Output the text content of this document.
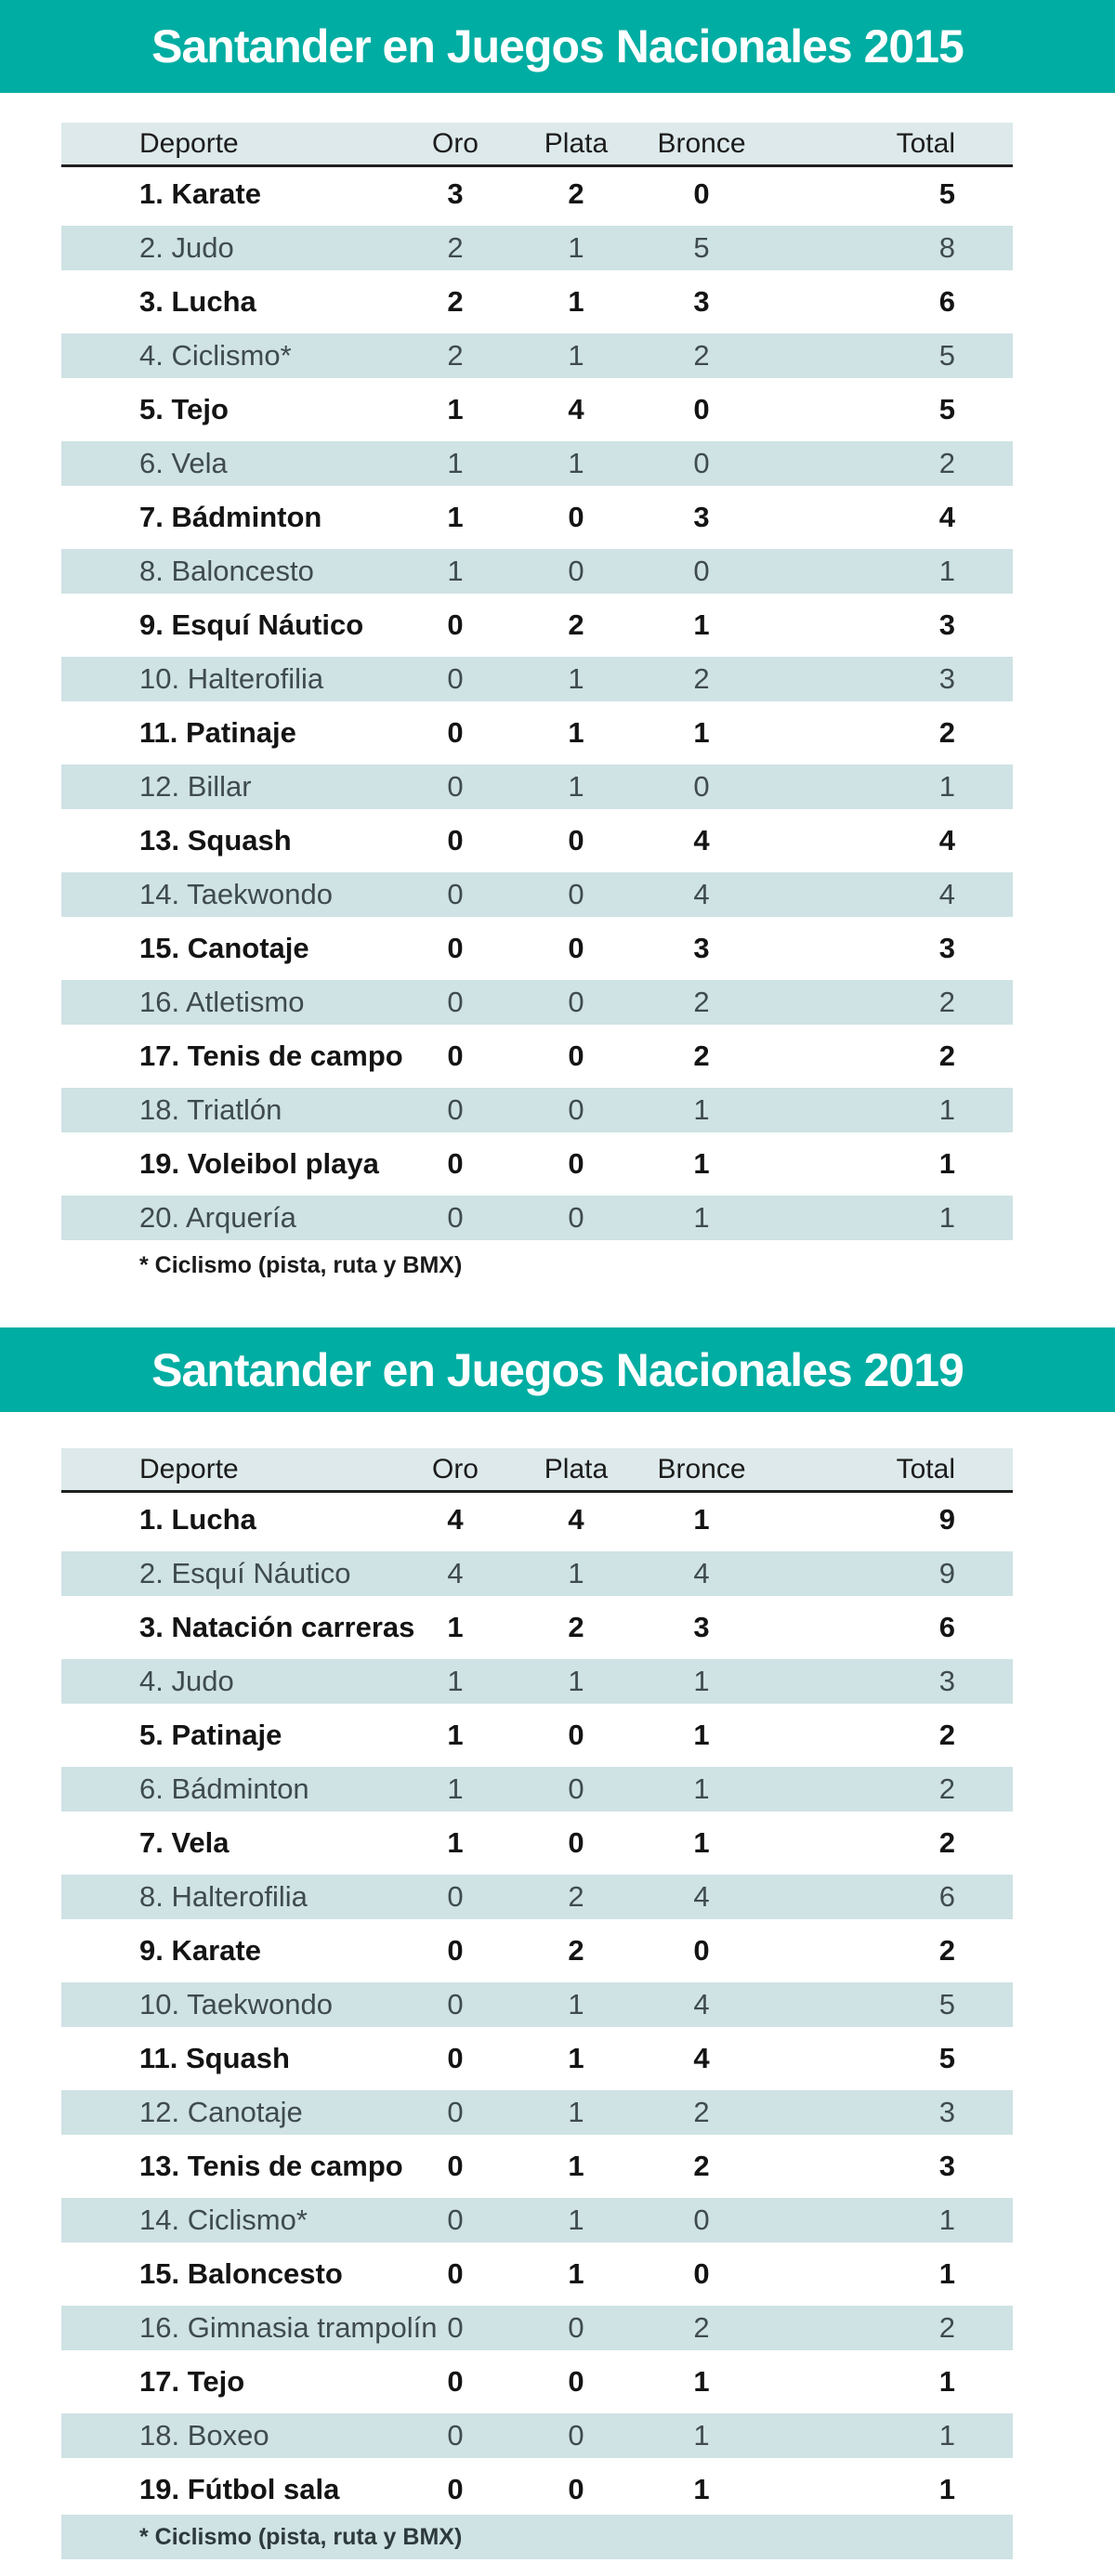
Santander en Juegos Nacionales 2015
Deporte	Oro	Plata	Bronce	Total
1. Karate	3	2	0	5
2. Judo	2	1	5	8
3. Lucha	2	1	3	6
4. Ciclismo*	2	1	2	5
5. Tejo	1	4	0	5
6. Vela	1	1	0	2
7. Bádminton	1	0	3	4
8. Baloncesto	1	0	0	1
9. Esquí Náutico	0	2	1	3
10. Halterofilia	0	1	2	3
11. Patinaje	0	1	1	2
12. Billar	0	1	0	1
13. Squash	0	0	4	4
14. Taekwondo	0	0	4	4
15. Canotaje	0	0	3	3
16. Atletismo	0	0	2	2
17. Tenis de campo	0	0	2	2
18. Triatlón	0	0	1	1
19. Voleibol playa	0	0	1	1
20. Arquería	0	0	1	1
* Ciclismo (pista, ruta y BMX)
Santander en Juegos Nacionales 2019
Deporte	Oro	Plata	Bronce	Total
1. Lucha	4	4	1	9
2. Esquí Náutico	4	1	4	9
3. Natación carreras	1	2	3	6
4. Judo	1	1	1	3
5. Patinaje	1	0	1	2
6. Bádminton	1	0	1	2
7. Vela	1	0	1	2
8. Halterofilia	0	2	4	6
9. Karate	0	2	0	2
10. Taekwondo	0	1	4	5
11. Squash	0	1	4	5
12. Canotaje	0	1	2	3
13. Tenis de campo	0	1	2	3
14. Ciclismo*	0	1	0	1
15. Baloncesto	0	1	0	1
16. Gimnasia trampolín 0	0	2	2
17. Tejo	0	0	1	1
18. Boxeo	0	0	1	1
19. Fútbol sala	0	0	1	1
* Ciclismo (pista, ruta y BMX)
